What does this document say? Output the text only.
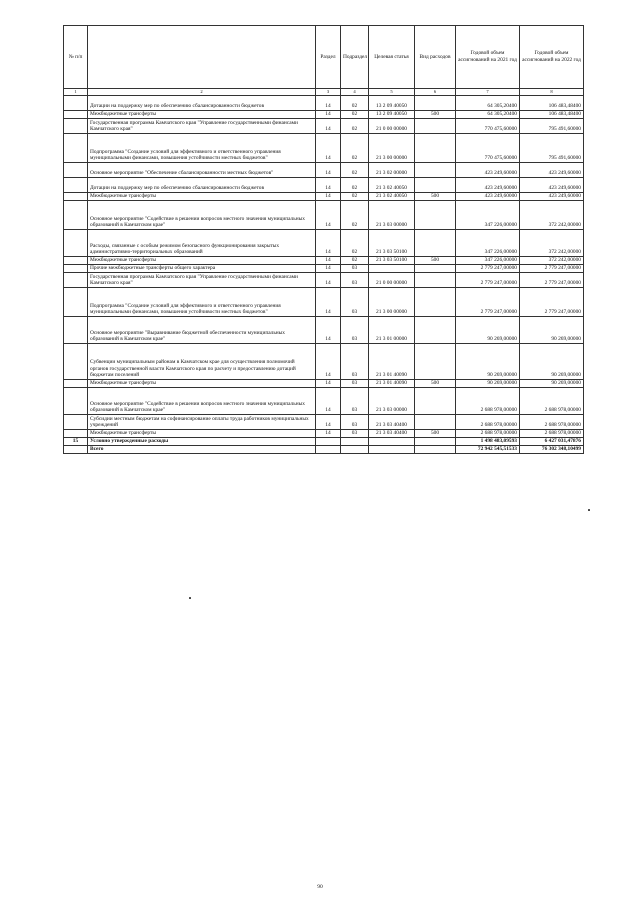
№ п/п		Раздел	Подраздел	Целевая статья	Вид расходов	Годовой объем ассигнований на 2021 год	Годовой объем ассигнований на 2022 год
1	2	3	4	5	6	7	8
	Дотации на поддержку мер по обеспечению сбалансированности бюджетов	14	02	13 2 09 40050		64 305,20400	106 483,48400
	Межбюджетные трансферты	14	02	13 2 09 40050	500	64 305,20400	106 483,48400
	Государственная программа Камчатского края "Управление государственными финансами Камчатского края"	14	02	21 0 00 00000		770 475,60000	795 491,60000
	Подпрограмма "Создание условий для эффективного и ответственного управления муниципальными финансами, повышения устойчивости местных бюджетов"	14	02	21 3 00 00000		770 475,60000	795 491,60000
	Основное мероприятие "Обеспечение сбалансированности местных бюджетов"	14	02	21 3 02 00000		423 249,60000	423 249,60000
	Дотации на поддержку мер по обеспечению сбалансированности бюджетов	14	02	21 3 02 40050		423 249,60000	423 249,60000
	Межбюджетные трансферты	14	02	21 3 02 40050	500	423 249,60000	423 249,60000
	Основное мероприятие "Содействие в решении вопросов местного значения муниципальных образований в Камчатском крае"	14	02	21 3 03 00000		347 226,00000	372 242,00000
	Расходы, связанные с особым режимом безопасного функционирования закрытых административно-территориальных образований	14	02	21 3 03 50100		347 226,00000	372 242,00000
	Межбюджетные трансферты	14	02	21 3 03 50100	500	347 226,00000	372 242,00000
	Прочие межбюджетные трансферты общего характера	14	03			2 779 247,00000	2 779 247,00000
	Государственная программа Камчатского края "Управление государственными финансами Камчатского края"	14	03	21 0 00 00000		2 779 247,00000	2 779 247,00000
	Подпрограмма "Создание условий для эффективного и ответственного управления муниципальными финансами, повышения устойчивости местных бюджетов"	14	03	21 3 00 00000		2 779 247,00000	2 779 247,00000
	Основное мероприятие "Выравнивание бюджетной обеспеченности муниципальных образований в Камчатском крае"	14	03	21 3 01 00000		90 269,00000	90 269,00000
	Субвенции муниципальным районам в Камчатском крае для осуществления полномочий органов государственной власти Камчатского края по расчету и предоставлению дотаций бюджетам поселений	14	03	21 3 01 40090		90 269,00000	90 269,00000
	Межбюджетные трансферты	14	03	21 3 01 40090	500	90 269,00000	90 269,00000
	Основное мероприятие "Содействие в решении вопросов местного значения муниципальных образований в Камчатском крае"	14	03	21 3 03 00000		2 688 978,00000	2 688 978,00000
	Субсидии местным бюджетам на софинансирование оплаты труда работников муниципальных учреждений	14	03	21 3 03 40400		2 688 978,00000	2 688 978,00000
	Межбюджетные трансферты	14	03	21 3 03 40400	500	2 688 978,00000	2 688 978,00000
15	Условно утвержденные расходы					1 498 483,09593	6 427 031,47876
	Всего					72 942 545,51533	76 302 348,10499
90
